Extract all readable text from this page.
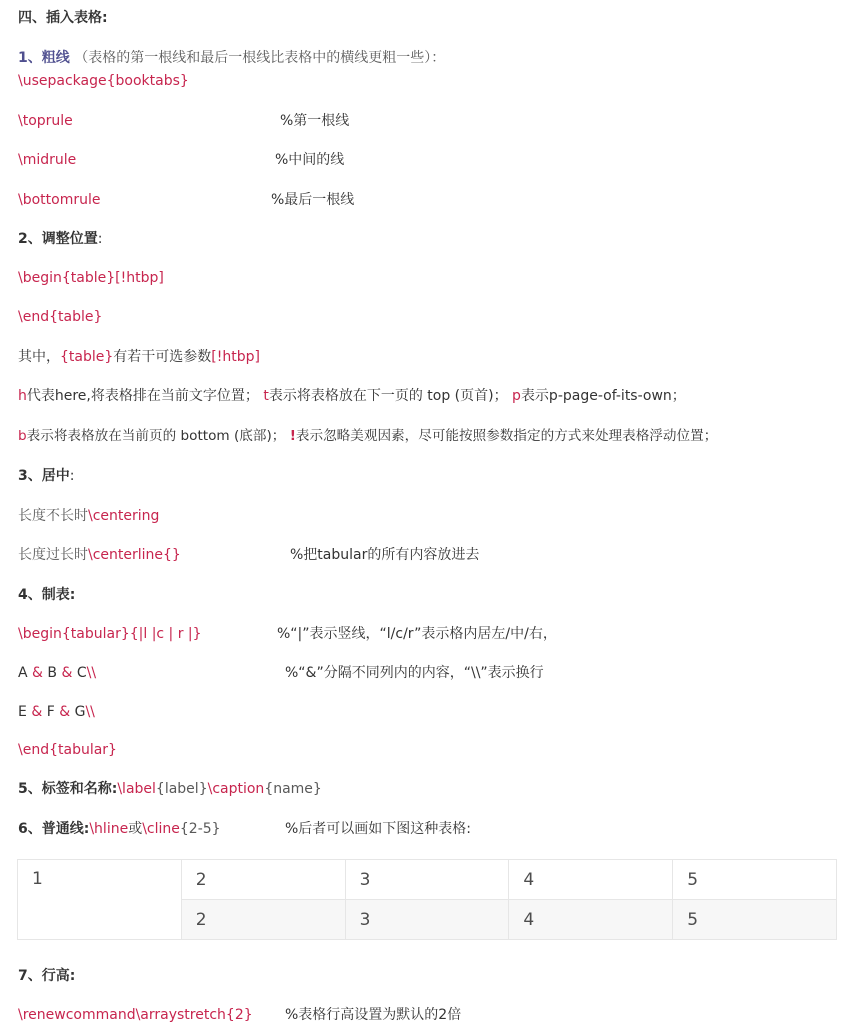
四、插入表格:
1、粗线 （表格的第一根线和最后一根线比表格中的横线更粗一些）：
\usepackage{booktabs}
\toprule	%第一根线
\midrule	%中间的线
\bottomrule	%最后一根线
2、调整位置:
\begin{table}[!htbp]
\end{table}
其中，{table}有若干可选参数[!htbp]
h代表here,将表格排在当前文字位置； t表示将表格放在下一页的 top (页首)； p表示p-page-of-its-own；
b表示将表格放在当前页的 bottom (底部)； !表示忽略美观因素，尽可能按照参数指定的方式来处理表格浮动位置；
3、居中:
长度不长时\centering
长度过长时\centerline{}	%把tabular的所有内容放进去
4、制表:
\begin{tabular}{|l |c | r |}	%“|”表示竖线，“l/c/r”表示格内居左/中/右，
A & B & C\\	%“&”分隔不同列内的内容，“\\”表示换行
E & F & G\\
\end{tabular}
5、标签和名称:\label{label}\caption{name}
6、普通线:\hline或\cline{2-5}	%后者可以画如下图这种表格:
1	2	3	4	5
	2	3	4	5
7、行高:
\renewcommand\arraystretch{2} %表格行高设置为默认的2倍
